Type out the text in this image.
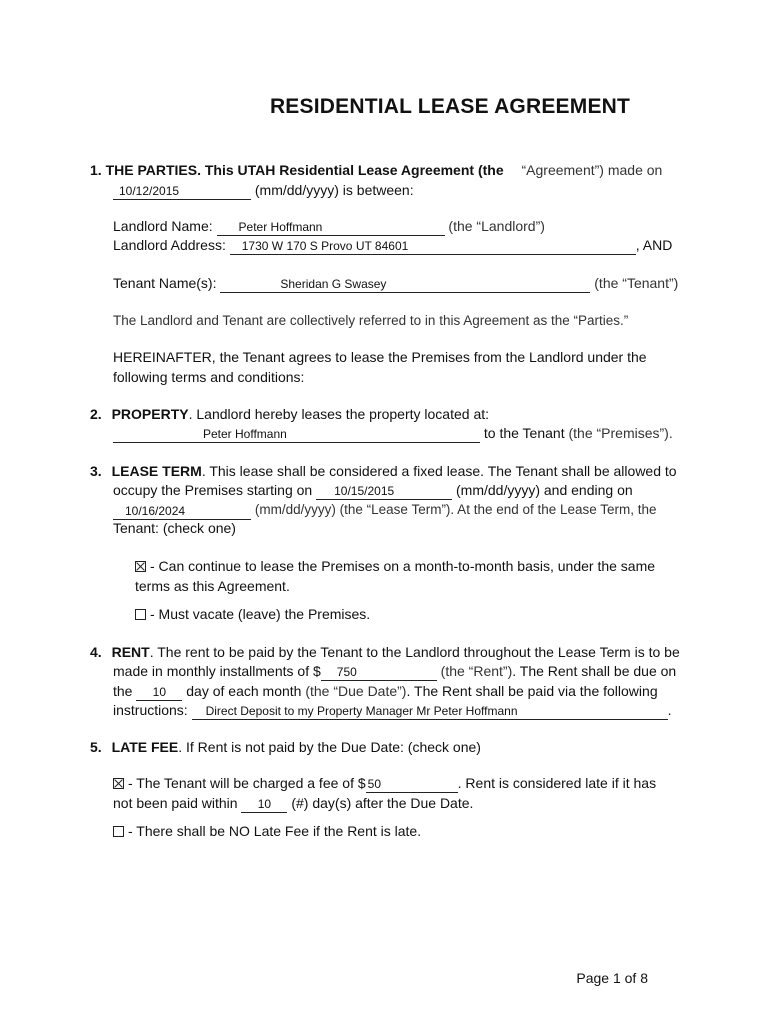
RESIDENTIAL LEASE AGREEMENT
1. THE PARTIES. This UTAH Residential Lease Agreement (the “Agreement”) made on
10/12/2015	(mm/dd/yyyy) is between:
Landlord Name:	Peter Hoffmann	(the “Landlord”)
Landlord Address:	1730 W 170 S Provo UT 84601	, AND
Tenant Name(s):	Sheridan G Swasey	(the “Tenant”)
The Landlord and Tenant are collectively referred to in this Agreement as the “Parties.”
HEREINAFTER, the Tenant agrees to lease the Premises from the Landlord under the
following terms and conditions:
2. PROPERTY. Landlord hereby leases the property located at:
Peter Hoffmann	to the Tenant (the “Premises”).
3. LEASE TERM. This lease shall be considered a fixed lease. The Tenant shall be allowed to
occupy the Premises starting on	10/15/2015	(mm/dd/yyyy) and ending on
10/16/2024	(mm/dd/yyyy) (the “Lease Term”). At the end of the Lease Term, the
Tenant: (check one)
- Can continue to lease the Premises on a month-to-month basis, under the same
terms as this Agreement.
- Must vacate (leave) the Premises.
4. RENT. The rent to be paid by the Tenant to the Landlord throughout the Lease Term is to be
made in monthly installments of $	750	(the “Rent”). The Rent shall be due on
the	10	day of each month (the “Due Date”). The Rent shall be paid via the following
instructions:	Direct Deposit to my Property Manager Mr Peter Hoffmann	.
5. LATE FEE. If Rent is not paid by the Due Date: (check one)
- The Tenant will be charged a fee of $ 50	. Rent is considered late if it has
not been paid within	10	(#) day(s) after the Due Date.
- There shall be NO Late Fee if the Rent is late.
Page 1 of 8
